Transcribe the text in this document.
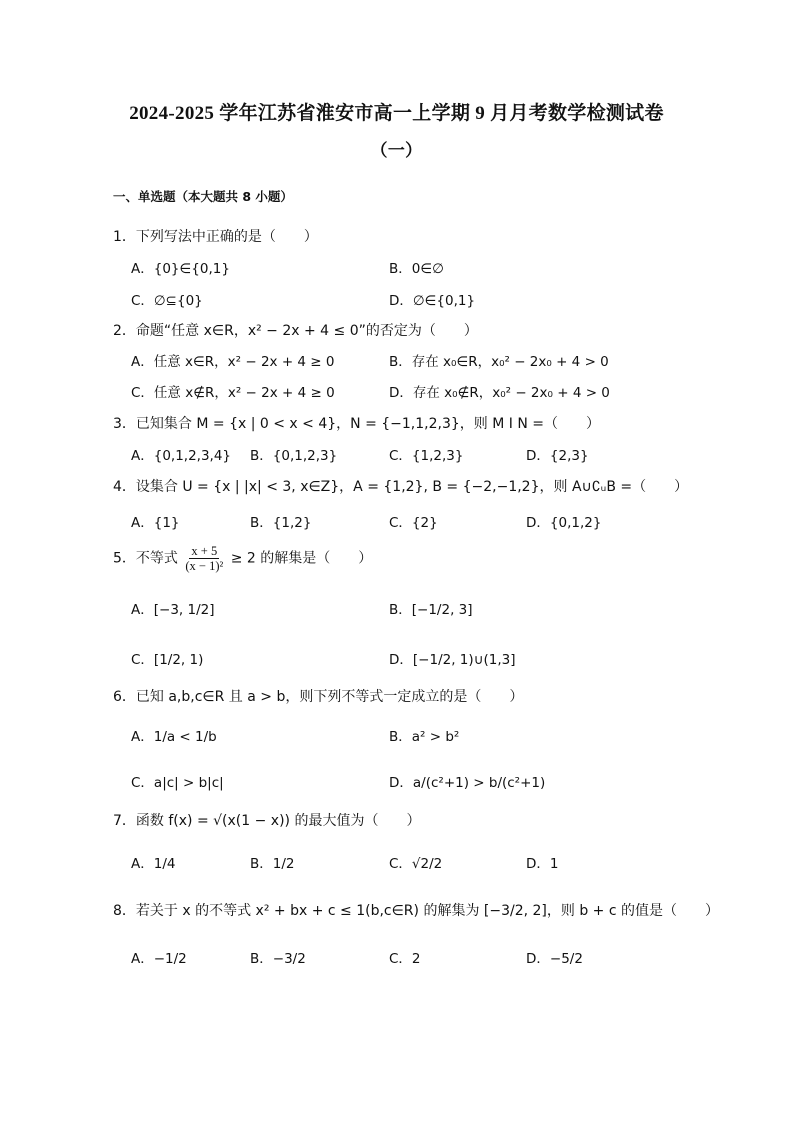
2024-2025 学年江苏省淮安市高一上学期 9 月月考数学检测试卷
（一）
一、单选题（本大题共 8 小题）
1．下列写法中正确的是（　　）
A．{0}∈{0,1}	B．0∈∅
C．∅⊆{0}	D．∅∈{0,1}
2．命题“任意 x∈R，x² − 2x + 4 ≤ 0”的否定为（　　）
A．任意 x∈R，x² − 2x + 4 ≥ 0	B．存在 x₀∈R，x₀² − 2x₀ + 4 > 0
C．任意 x∉R，x² − 2x + 4 ≥ 0	D．存在 x₀∉R，x₀² − 2x₀ + 4 > 0
3．已知集合 M = {x | 0 < x < 4}，N = {−1,1,2,3}，则 M I N =（　　）
A．{0,1,2,3,4} B．{0,1,2,3}	C．{1,2,3}	D．{2,3}
4．设集合 U = {x | |x| < 3, x∈Z}，A = {1,2}, B = {−2,−1,2}，则 A∪∁ᵤB =（　　）
A．{1}	B．{1,2}	C．{2}	D．{0,1,2}
5．不等式 $\frac{x + 5}{\text{(x − 1)²}} \ge 2$ 的解集是（　　）
A．[−3, 1/2]	B．[−1/2, 3]
C．[1/2, 1)	D．[−1/2, 1)∪(1,3]
6．已知 a,b,c∈R 且 a > b，则下列不等式一定成立的是（　　）
A．1/a < 1/b	B．a² > b²
C．a|c| > b|c|	D．a/(c²+1) > b/(c²+1)
7．函数 f(x) = √(x(1 − x)) 的最大值为（　　）
A．1/4	B．1/2	C．√2/2	D．1
8．若关于 x 的不等式 x² + bx + c ≤ 1(b,c∈R) 的解集为 [−3/2, 2]，则 b + c 的值是（　　）
A．−1/2	B．−3/2	C．2	D．−5/2
